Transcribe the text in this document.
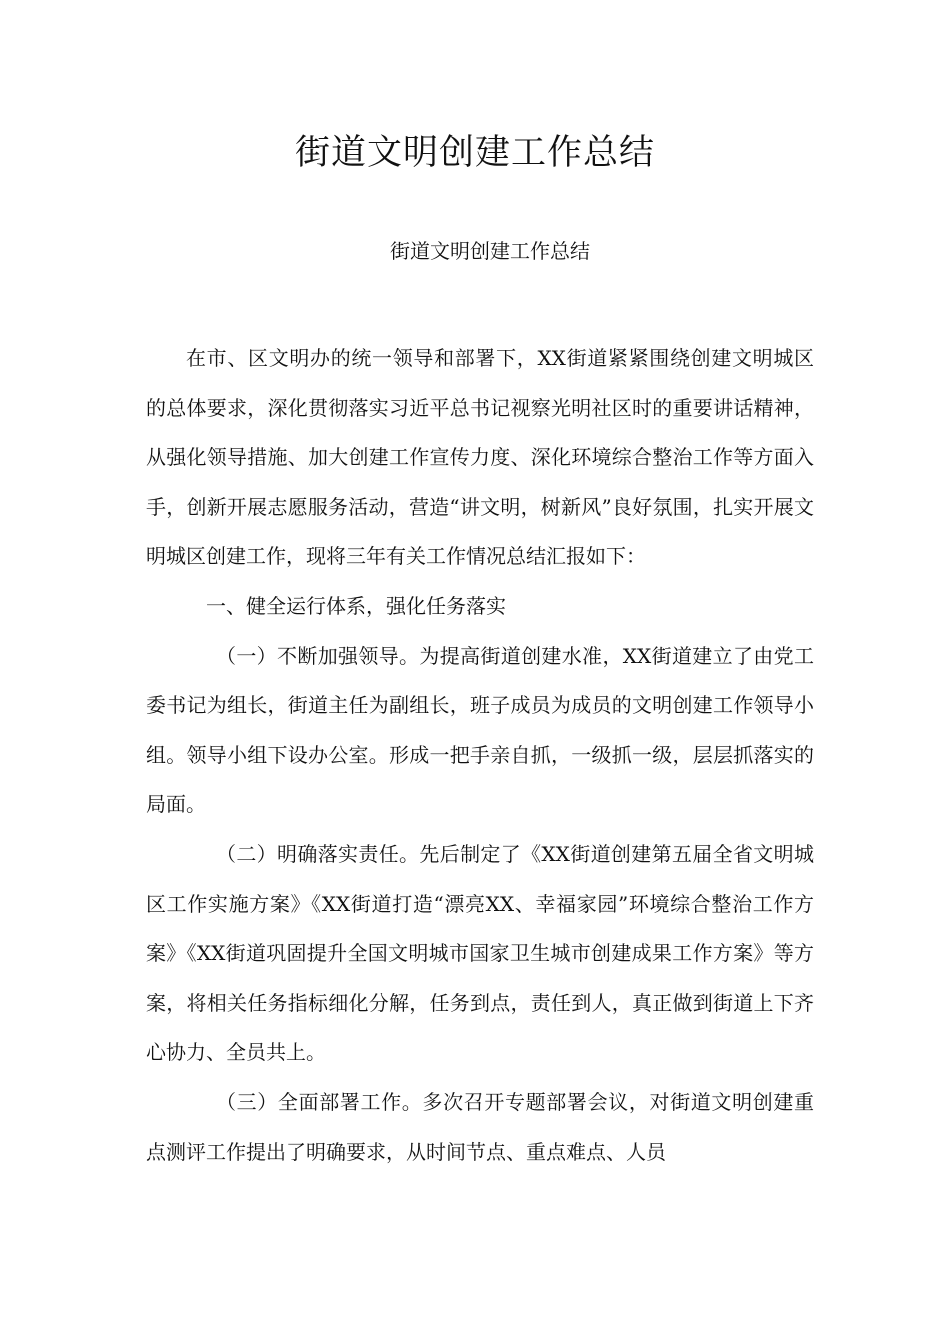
街道文明创建工作总结
街道文明创建工作总结

在市、区文明办的统一领导和部署下，XX街道紧紧围绕创建文明城区的总体要求，深化贯彻落实习近平总书记视察光明社区时的重要讲话精神，从强化领导措施、加大创建工作宣传力度、深化环境综合整治工作等方面入手，创新开展志愿服务活动，营造“讲文明，树新风”良好氛围，扎实开展文明城区创建工作，现将三年有关工作情况总结汇报如下：

一、健全运行体系，强化任务落实

（一）不断加强领导。为提高街道创建水准，XX街道建立了由党工委书记为组长，街道主任为副组长，班子成员为成员的文明创建工作领导小组。领导小组下设办公室。形成一把手亲自抓，一级抓一级，层层抓落实的局面。

（二）明确落实责任。先后制定了《XX街道创建第五届全省文明城区工作实施方案》《XX街道打造“漂亮XX、幸福家园”环境综合整治工作方案》《XX街道巩固提升全国文明城市国家卫生城市创建成果工作方案》等方案，将相关任务指标细化分解，任务到点，责任到人，真正做到街道上下齐心协力、全员共上。

（三）全面部署工作。多次召开专题部署会议，对街道文明创建重点测评工作提出了明确要求，从时间节点、重点难点、人员
